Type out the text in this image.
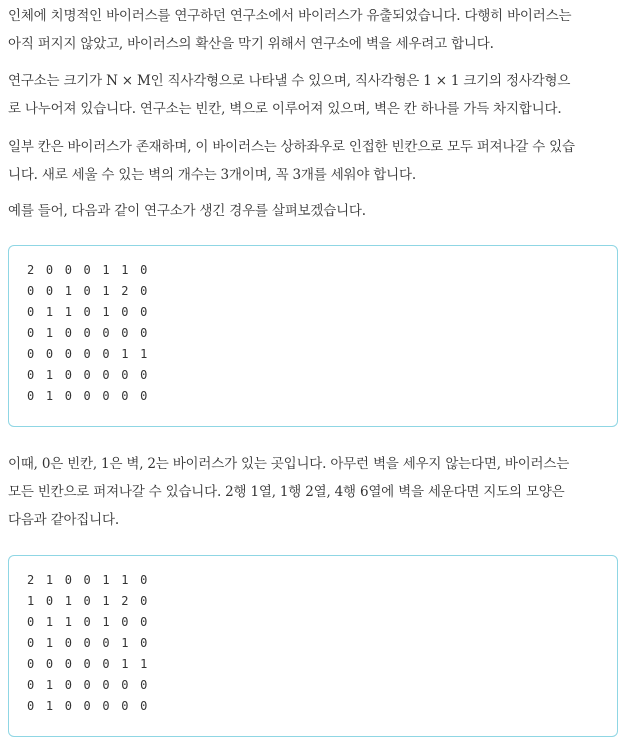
인체에 치명적인 바이러스를 연구하던 연구소에서 바이러스가 유출되었습니다. 다행히 바이러스는
아직 퍼지지 않았고, 바이러스의 확산을 막기 위해서 연구소에 벽을 세우려고 합니다.
연구소는 크기가 N × M인 직사각형으로 나타낼 수 있으며, 직사각형은 1 × 1 크기의 정사각형으
로 나누어져 있습니다. 연구소는 빈칸, 벽으로 이루어져 있으며, 벽은 칸 하나를 가득 차지합니다.
일부 칸은 바이러스가 존재하며, 이 바이러스는 상하좌우로 인접한 빈칸으로 모두 퍼져나갈 수 있습
니다. 새로 세울 수 있는 벽의 개수는 3개이며, 꼭 3개를 세워야 합니다.
예를 들어, 다음과 같이 연구소가 생긴 경우를 살펴보겠습니다.
2 0 0 0 1 1 0
0 0 1 0 1 2 0
0 1 1 0 1 0 0
0 1 0 0 0 0 0
0 0 0 0 0 1 1
0 1 0 0 0 0 0
0 1 0 0 0 0 0
이때, 0은 빈칸, 1은 벽, 2는 바이러스가 있는 곳입니다. 아무런 벽을 세우지 않는다면, 바이러스는
모든 빈칸으로 퍼져나갈 수 있습니다. 2행 1열, 1행 2열, 4행 6열에 벽을 세운다면 지도의 모양은
다음과 같아집니다.
2 1 0 0 1 1 0
1 0 1 0 1 2 0
0 1 1 0 1 0 0
0 1 0 0 0 1 0
0 0 0 0 0 1 1
0 1 0 0 0 0 0
0 1 0 0 0 0 0
